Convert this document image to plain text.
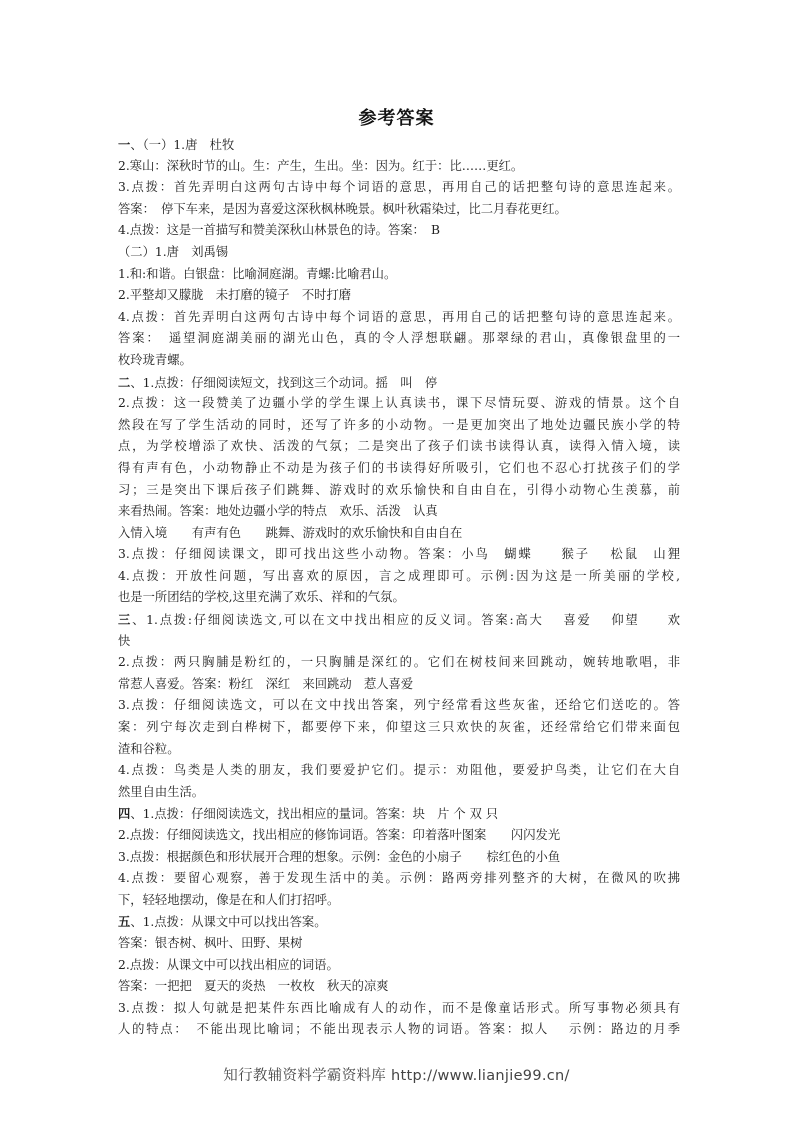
参考答案
一、（一）1.唐　杜牧
2.寒山：深秋时节的山。生：产生，生出。坐：因为。红于：比……更红。
3.点拨：首先弄明白这两句古诗中每个词语的意思，再用自己的话把整句诗的意思连起来。
答案：　停下车来，是因为喜爱这深秋枫林晚景。枫叶秋霜染过，比二月春花更红。
4.点拨：这是一首描写和赞美深秋山林景色的诗。答案：　B
（二）1.唐　刘禹锡
1.和:和谐。白银盘：比喻洞庭湖。青螺:比喻君山。
2.平整却又朦胧　未打磨的镜子　不时打磨
4.点拨：首先弄明白这两句古诗中每个词语的意思，再用自己的话把整句诗的意思连起来。
答案：　遥望洞庭湖美丽的湖光山色，真的令人浮想联翩。那翠绿的君山，真像银盘里的一
枚玲珑青螺。
二、1.点拨：仔细阅读短文，找到这三个动词。摇　叫　停
2.点拨：这一段赞美了边疆小学的学生课上认真读书，课下尽情玩耍、游戏的情景。这个自
然段在写了学生活动的同时，还写了许多的小动物。一是更加突出了地处边疆民族小学的特
点，为学校增添了欢快、活泼的气氛；二是突出了孩子们读书读得认真，读得入情入境，读
得有声有色，小动物静止不动是为孩子们的书读得好所吸引，它们也不忍心打扰孩子们的学
习；三是突出下课后孩子们跳舞、游戏时的欢乐愉快和自由自在，引得小动物心生羡慕，前
来看热闹。答案：地处边疆小学的特点　欢乐、活泼　认真
入情入境　　有声有色　　跳舞、游戏时的欢乐愉快和自由自在
3.点拨：仔细阅读课文，即可找出这些小动物。答案：小鸟　蝴蝶　　猴子　 松鼠　山狸
4.点拨：开放性问题，写出喜欢的原因，言之成理即可。示例:因为这是一所美丽的学校,
也是一所团结的学校,这里充满了欢乐、祥和的气氛。
三、1.点拨:仔细阅读选文,可以在文中找出相应的反义词。答案:高大　 喜爱　 仰望　　欢
快
2.点拨：两只胸脯是粉红的，一只胸脯是深红的。它们在树枝间来回跳动，婉转地歌唱，非
常惹人喜爱。答案：粉红　深红　来回跳动　惹人喜爱
3.点拨：仔细阅读选文，可以在文中找出答案，列宁经常看这些灰雀，还给它们送吃的。答
案：列宁每次走到白桦树下，都要停下来，仰望这三只欢快的灰雀，还经常给它们带来面包
渣和谷粒。
4.点拨：鸟类是人类的朋友，我们要爱护它们。提示：劝阻他，要爱护鸟类，让它们在大自
然里自由生活。
四、1.点拨：仔细阅读选文，找出相应的量词。答案：块　片 个 双 只
2.点拨：仔细阅读选文，找出相应的修饰词语。答案：印着落叶图案　　闪闪发光
3.点拨：根据颜色和形状展开合理的想象。示例：金色的小扇子　　棕红色的小鱼
4.点拨：要留心观察，善于发现生活中的美。示例：路两旁排列整齐的大树，在微风的吹拂
下，轻轻地摆动，像是在和人们打招呼。
五、1.点拨：从课文中可以找出答案。
答案：银杏树、枫叶、田野、果树
2.点拨：从课文中可以找出相应的词语。
答案：一把把　夏天的炎热　一枚枚　秋天的凉爽
3.点拨：拟人句就是把某件东西比喻成有人的动作，而不是像童话形式。所写事物必须具有
人的特点：　不能出现比喻词；不能出现表示人物的词语。答案：拟人　 示例：路边的月季
知行教辅资料学霸资料库 http://www.lianjie99.cn/
